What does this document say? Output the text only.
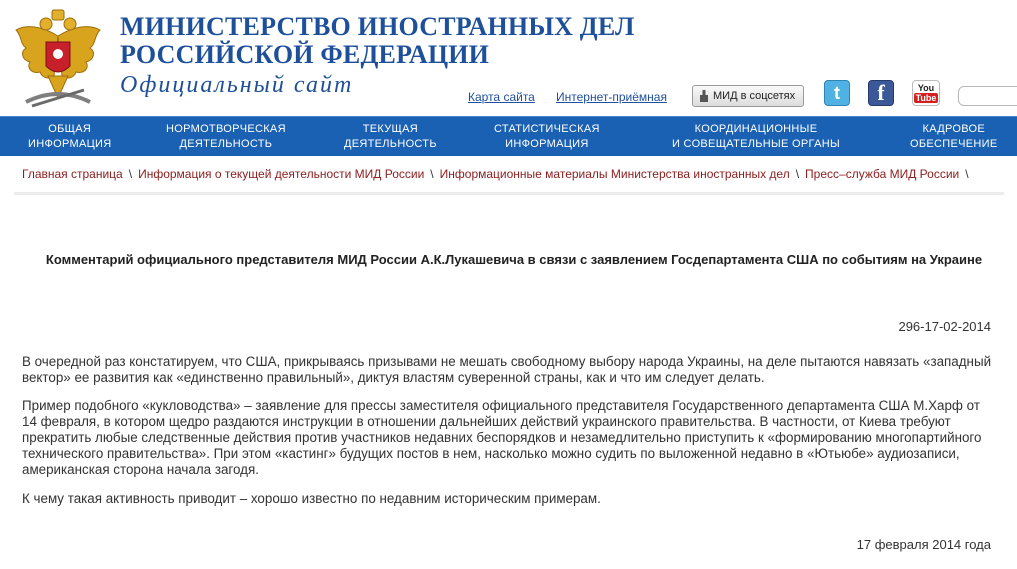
МИНИСТЕРСТВО ИНОСТРАННЫХ ДЕЛ
РОССИЙСКОЙ ФЕДЕРАЦИИ
Официальный сайт	Карта сайта Интернет-приёмная	МИД в соцсетях t f	You
Tube
ОБЩАЯ
ИНФОРМАЦИЯ
НОРМОТВОРЧЕСКАЯ
ДЕЯТЕЛЬНОСТЬ
ТЕКУЩАЯ
ДЕЯТЕЛЬНОСТЬ
СТАТИСТИЧЕСКАЯ
ИНФОРМАЦИЯ
КООРДИНАЦИОННЫЕ
И СОВЕЩАТЕЛЬНЫЕ ОРГАНЫ
КАДРОВОЕ
ОБЕСПЕЧЕНИЕ
Главная страница \ Информация о текущей деятельности МИД России \ Информационные материалы Министерства иностранных дел \ Пресс–служба МИД России \
Комментарий официального представителя МИД России А.К.Лукашевича в связи с заявлением Госдепартамента США по событиям на Украине
296-17-02-2014

В очередной раз констатируем, что США, прикрываясь призывами не мешать свободному выбору народа Украины, на деле пытаются навязать «западный вектор» ее развития как «единственно правильный», диктуя властям суверенной страны, как и что им следует делать.

Пример подобного «кукловодства» – заявление для прессы заместителя официального представителя Государственного департамента США М.Харф от 14 февраля, в котором щедро раздаются инструкции в отношении дальнейших действий украинского правительства. В частности, от Киева требуют прекратить любые следственные действия против участников недавних беспорядков и незамедлительно приступить к «формированию многопартийного технического правительства». При этом «кастинг» будущих постов в нем, насколько можно судить по выложенной недавно в «Ютьюбе» аудиозаписи, американская сторона начала загодя.

К чему такая активность приводит – хорошо известно по недавним историческим примерам.

17 февраля 2014 года
